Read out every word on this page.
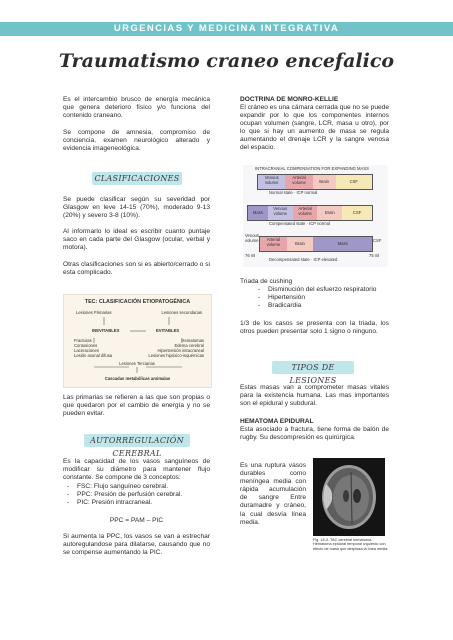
URGENCIAS Y MEDICINA INTEGRATIVA
Traumatismo craneo encefalico

Es el intercambio brusco de energía mecánica que genera deterioro físico y/o funciona del contenido craneano.

Se compone de amnesia, compromiso de conciencia, examen neurológico alterado y evidencia imageneológica.

CLASIFICACIONES

Se puede clasificar según su severidad por Glasgow en leve 14-15 (70%), moderado 9-13 (20%) y severo 3-8 (10%).

Al informarlo lo ideal es escribir cuanto puntaje saco en cada parte del Glasgow (ocular, verbal y motora).

Otras clasificaciones son si es abierto/cerrado o si esta complicado.

TEC: CLASIFICACIÓN ETIOPATOGÉNICA
Lesiones Primarias	Lesiones secundarias
INEVITABLES	EVITABLES
Fracturas
Contusiones
Laceraciones
Lesión axonal difusa
Hematomas
Edema cerebral
Hipertensión intracraneal
Lesiones hipóxico-isquémicas
Lesiones Terciarias
Cascadas metabólicas anómalas

Las primarias se refieren a las que son propias o que quedaron por el cambio de energía y no se pueden evitar.

AUTORREGULACIÓN CEREBRAL

Es la capacidad de los vasos sanguíneos de modificar su diámetro para mantener flujo constante. Se compone de 3 conceptos:

- FSC: Flujo sanguíneo cerebral.
- PPC: Presión de perfusión cerebral.
- PIC: Presión intracraneal.
PPC = PAM – PIC

Si aumenta la PPC, los vasos se van a estrechar autoregulandose para dilatarse, causando que no se compense aumentando la PIC.

DOCTRINA DE MONRO-KELLIE

El cráneo es una cámara cerrada que no se puede expandir por lo que los componentes internos ocupan volumen (sangre, LCR, masa u otro), por lo que si hay un aumento de masa se regula aumentando el drenaje LCR y la sangre venosa del espacio.

INTRACRANIAL COMPENSATION FOR EXPANDING MASS
Venous volume
Arterial volume	Brain	CSF
Normal state · ICP normal
Mass
Venous volume
Arterial volume	Brain	CSF
Compensated state · ICP normal
Venous volume	Arterial volume	Brain	Mass
CSF
76 ml	75 ml
Decompensated state · ICP elevated
Triada de cushing
- Disminución del esfuerzo respiratorio
- Hipertensión
- Bradicardia

1/3 de los casos se presenta con la triada, los otros pueden presentar solo 1 signo o ninguno.

TIPOS DE LESIONES

Estas masas van a comprometer masas vitales para la existencia humana. Las mas importantes son el epidural y subdural.

HEMATOMA EPIDURAL

Esta asociado a fractura, tiene forma de balón de rugby. Su descompresión es quirúrgica.

Es una ruptura vasos durables como meníngea media con rápida acumulación de sangre Entre duramadre y cráneo, la cual desvía línea media.

Fig. 18-3. TAC cerebral hematoma. Hematoma epidural temporal izquierdo con efecto de masa que desplaza la línea media.
